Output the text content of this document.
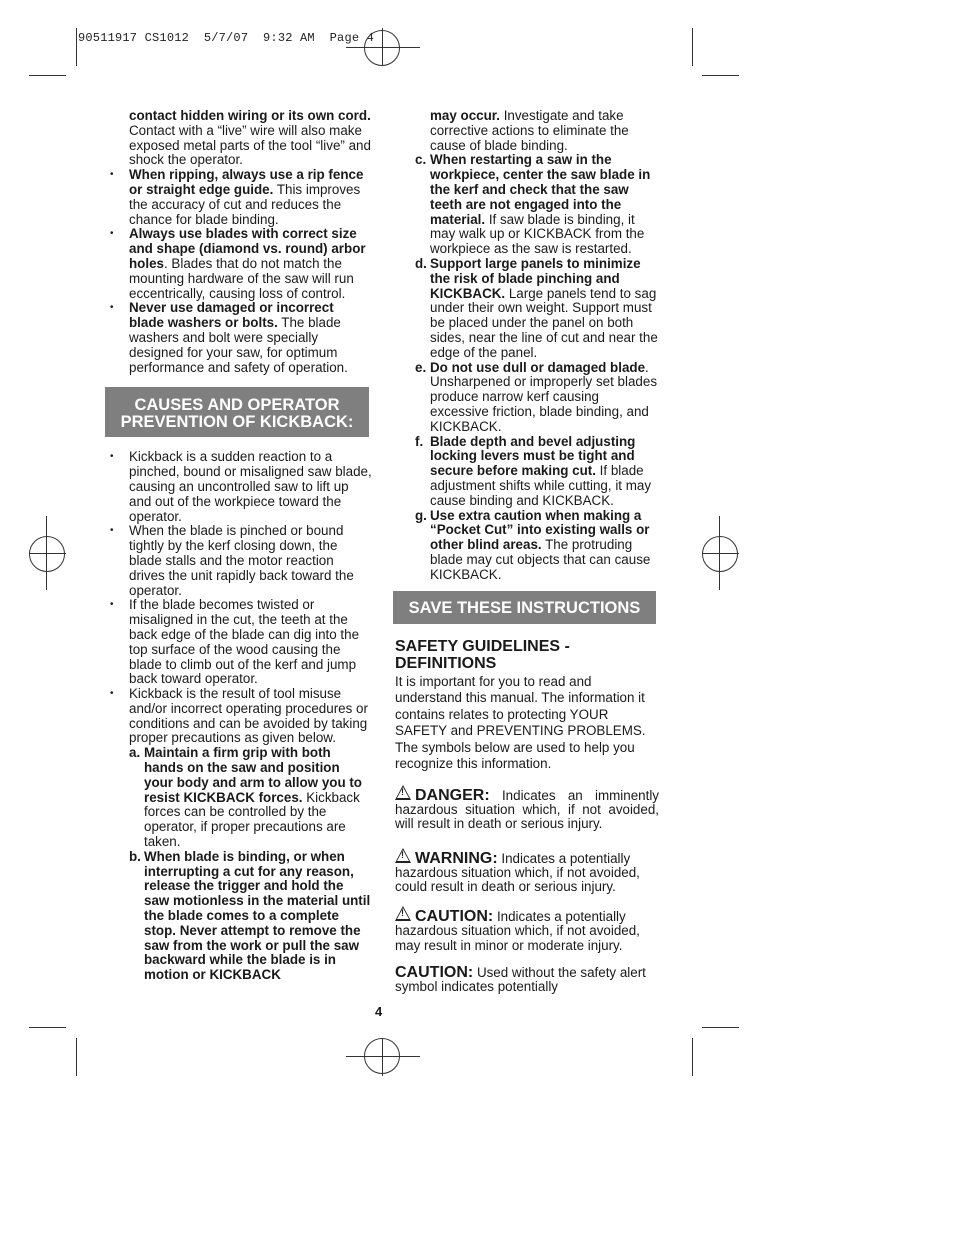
90511917 CS1012  5/7/07  9:32 AM  Page 4
contact hidden wiring or its own cord. Contact with a “live” wire will also make exposed metal parts of the tool “live” and shock the operator.
• When ripping, always use a rip fence or straight edge guide. This improves the accuracy of cut and reduces the chance for blade binding.
• Always use blades with correct size and shape (diamond vs. round) arbor holes. Blades that do not match the mounting hardware of the saw will run eccentrically, causing loss of control.
• Never use damaged or incorrect blade washers or bolts. The blade washers and bolt were specially designed for your saw, for optimum performance and safety of operation.
CAUSES AND OPERATOR
PREVENTION OF KICKBACK:
• Kickback is a sudden reaction to a pinched, bound or misaligned saw blade, causing an uncontrolled saw to lift up and out of the workpiece toward the operator.
• When the blade is pinched or bound tightly by the kerf closing down, the blade stalls and the motor reaction drives the unit rapidly back toward the operator.
• If the blade becomes twisted or misaligned in the cut, the teeth at the back edge of the blade can dig into the top surface of the wood causing the blade to climb out of the kerf and jump back toward operator.
• Kickback is the result of tool misuse and/or incorrect operating procedures or conditions and can be avoided by taking proper precautions as given below.
a. Maintain a firm grip with both hands on the saw and position your body and arm to allow you to resist KICKBACK forces. Kickback forces can be controlled by the operator, if proper precautions are taken.
b. When blade is binding, or when interrupting a cut for any reason, release the trigger and hold the saw motionless in the material until the blade comes to a complete stop. Never attempt to remove the saw from the work or pull the saw backward while the blade is in motion or KICKBACK
may occur. Investigate and take corrective actions to eliminate the cause of blade binding.
c. When restarting a saw in the workpiece, center the saw blade in the kerf and check that the saw teeth are not engaged into the material. If saw blade is binding, it may walk up or KICKBACK from the workpiece as the saw is restarted.
d. Support large panels to minimize the risk of blade pinching and KICKBACK. Large panels tend to sag under their own weight. Support must be placed under the panel on both sides, near the line of cut and near the edge of the panel.
e. Do not use dull or damaged blade. Unsharpened or improperly set blades produce narrow kerf causing excessive friction, blade binding, and KICKBACK.
f. Blade depth and bevel adjusting locking levers must be tight and secure before making cut. If blade adjustment shifts while cutting, it may cause binding and KICKBACK.
g. Use extra caution when making a “Pocket Cut” into existing walls or other blind areas. The protruding blade may cut objects that can cause KICKBACK.
SAVE THESE INSTRUCTIONS
SAFETY GUIDELINES - DEFINITIONS
It is important for you to read and understand this manual. The information it contains relates to protecting YOUR SAFETY and PREVENTING PROBLEMS. The symbols below are used to help you recognize this information.
! DANGER: Indicates an imminently hazardous situation which, if not avoided, will result in death or serious injury.
! WARNING: Indicates a potentially hazardous situation which, if not avoided, could result in death or serious injury.
! CAUTION: Indicates a potentially hazardous situation which, if not avoided, may result in minor or moderate injury.
CAUTION: Used without the safety alert symbol indicates potentially
4
